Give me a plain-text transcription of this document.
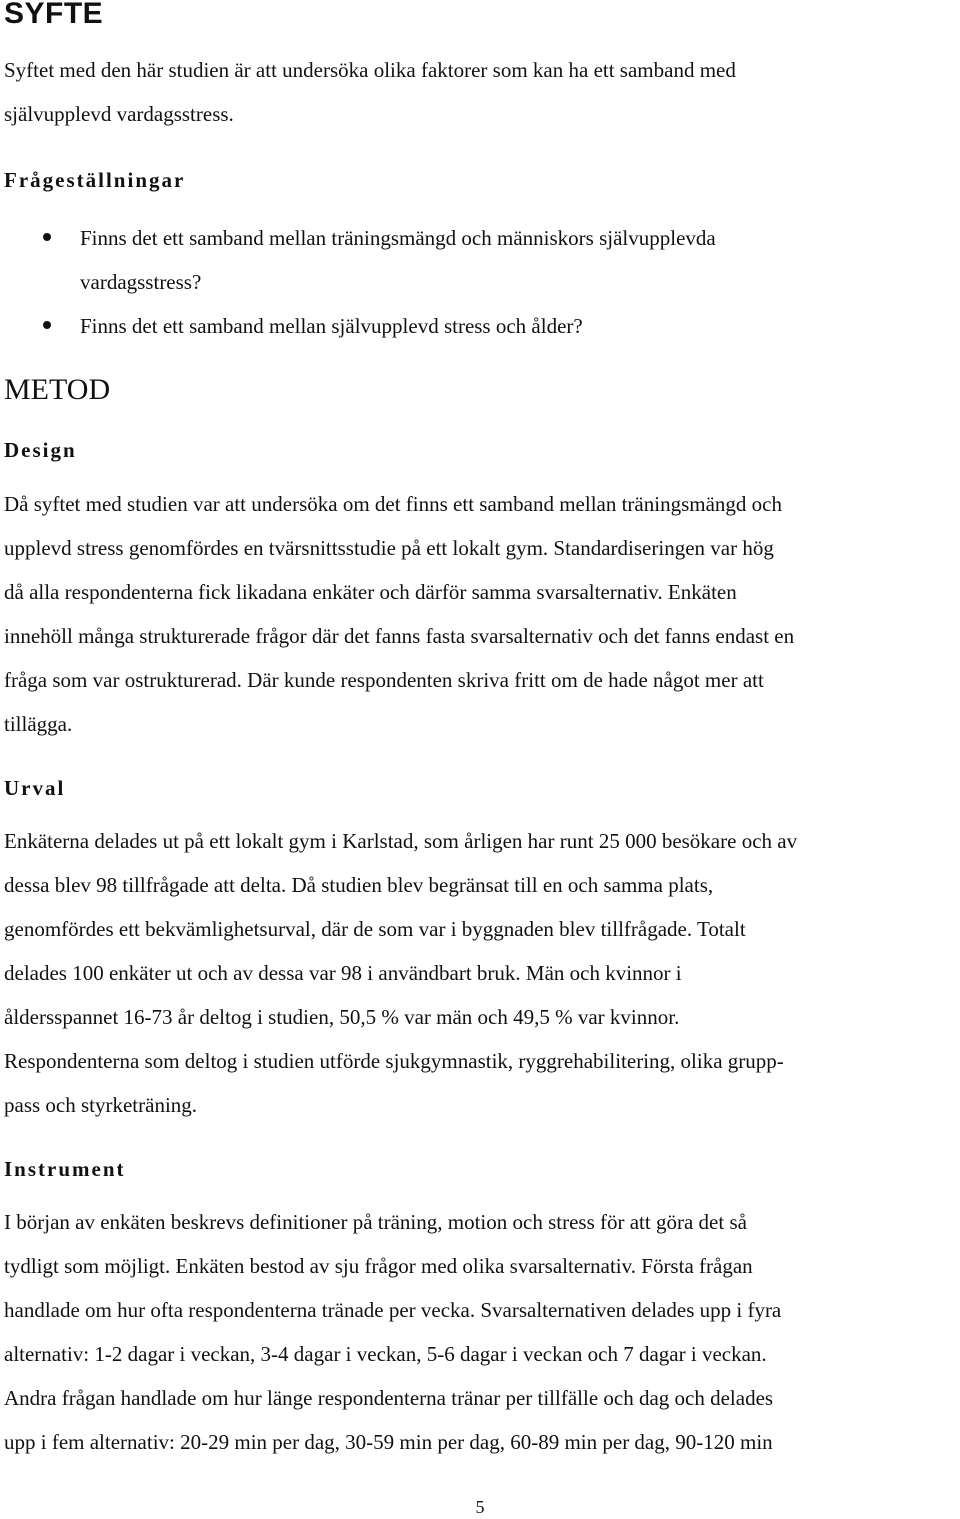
SYFTE

Syftet med den här studien är att undersöka olika faktorer som kan ha ett samband med
självupplevd vardagsstress.

Frågeställningar
Finns det ett samband mellan träningsmängd och människors självupplevda
vardagsstress?
Finns det ett samband mellan självupplevd stress och ålder?
METOD
Design

Då syftet med studien var att undersöka om det finns ett samband mellan träningsmängd och
upplevd stress genomfördes en tvärsnittsstudie på ett lokalt gym. Standardiseringen var hög
då alla respondenterna fick likadana enkäter och därför samma svarsalternativ. Enkäten
innehöll många strukturerade frågor där det fanns fasta svarsalternativ och det fanns endast en
fråga som var ostrukturerad. Där kunde respondenten skriva fritt om de hade något mer att
tillägga.

Urval

Enkäterna delades ut på ett lokalt gym i Karlstad, som årligen har runt 25 000 besökare och av
dessa blev 98 tillfrågade att delta. Då studien blev begränsat till en och samma plats,
genomfördes ett bekvämlighetsurval, där de som var i byggnaden blev tillfrågade. Totalt
delades 100 enkäter ut och av dessa var 98 i användbart bruk. Män och kvinnor i
åldersspannet 16-73 år deltog i studien, 50,5 % var män och 49,5 % var kvinnor.
Respondenterna som deltog i studien utförde sjukgymnastik, ryggrehabilitering, olika grupp-
pass och styrketräning.

Instrument

I början av enkäten beskrevs definitioner på träning, motion och stress för att göra det så
tydligt som möjligt. Enkäten bestod av sju frågor med olika svarsalternativ. Första frågan
handlade om hur ofta respondenterna tränade per vecka. Svarsalternativen delades upp i fyra
alternativ: 1-2 dagar i veckan, 3-4 dagar i veckan, 5-6 dagar i veckan och 7 dagar i veckan.
Andra frågan handlade om hur länge respondenterna tränar per tillfälle och dag och delades
upp i fem alternativ: 20-29 min per dag, 30-59 min per dag, 60-89 min per dag, 90-120 min

5
